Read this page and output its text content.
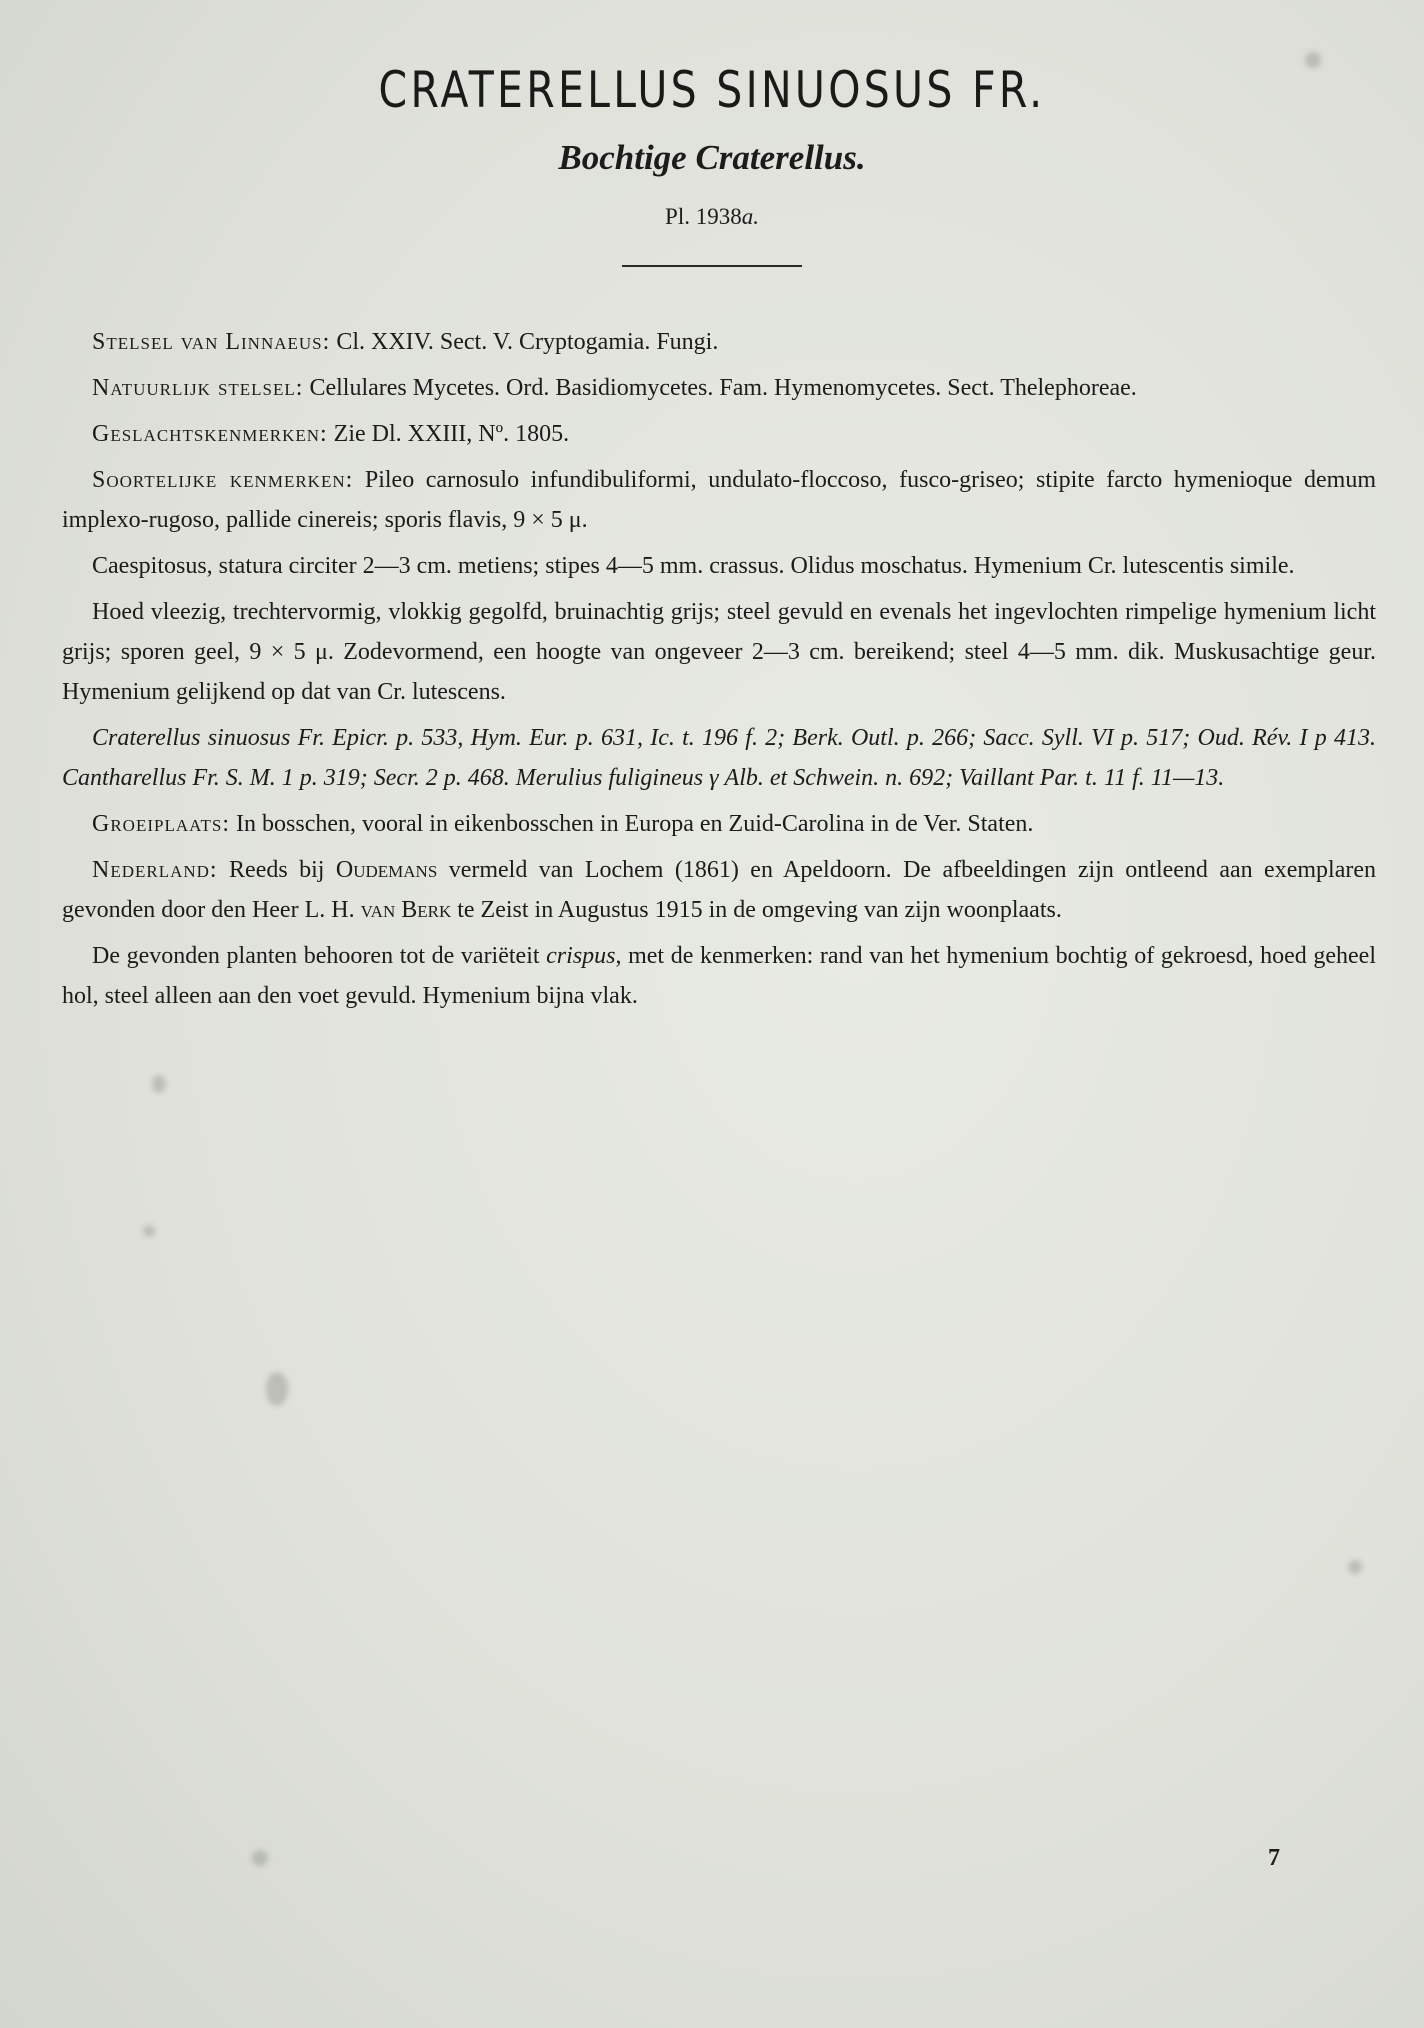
CRATERELLUS SINUOSUS FR.
Bochtige Craterellus.
Pl. 1938a.

Stelsel van Linnaeus: Cl. XXIV. Sect. V. Cryptogamia. Fungi.

Natuurlijk stelsel: Cellulares Mycetes. Ord. Basidiomycetes. Fam. Hymenomycetes. Sect. Thelephoreae.

Geslachtskenmerken: Zie Dl. XXIII, Nº. 1805.

Soortelijke kenmerken: Pileo carnosulo infundibuliformi, undulato-floccoso, fusco-griseo; stipite farcto hymenioque demum implexo-rugoso, pallide cinereis; sporis flavis, 9 × 5 μ.

Caespitosus, statura circiter 2—3 cm. metiens; stipes 4—5 mm. crassus. Olidus moschatus. Hymenium Cr. lutescentis simile.

Hoed vleezig, trechtervormig, vlokkig gegolfd, bruinachtig grijs; steel gevuld en evenals het ingevlochten rimpelige hymenium licht grijs; sporen geel, 9 × 5 μ. Zodevormend, een hoogte van ongeveer 2—3 cm. bereikend; steel 4—5 mm. dik. Muskusachtige geur. Hymenium gelijkend op dat van Cr. lutescens.

Craterellus sinuosus Fr. Epicr. p. 533, Hym. Eur. p. 631, Ic. t. 196 f. 2; Berk. Outl. p. 266; Sacc. Syll. VI p. 517; Oud. Rév. I p 413. Cantharellus Fr. S. M. 1 p. 319; Secr. 2 p. 468. Merulius fuligineus γ Alb. et Schwein. n. 692; Vaillant Par. t. 11 f. 11—13.

Groeiplaats: In bosschen, vooral in eikenbosschen in Europa en Zuid-Carolina in de Ver. Staten.

Nederland: Reeds bij Oudemans vermeld van Lochem (1861) en Apeldoorn. De afbeeldingen zijn ontleend aan exemplaren gevonden door den Heer L. H. van Berk te Zeist in Augustus 1915 in de omgeving van zijn woonplaats.

De gevonden planten behooren tot de variëteit crispus, met de kenmerken: rand van het hymenium bochtig of gekroesd, hoed geheel hol, steel alleen aan den voet gevuld. Hymenium bijna vlak.

7
